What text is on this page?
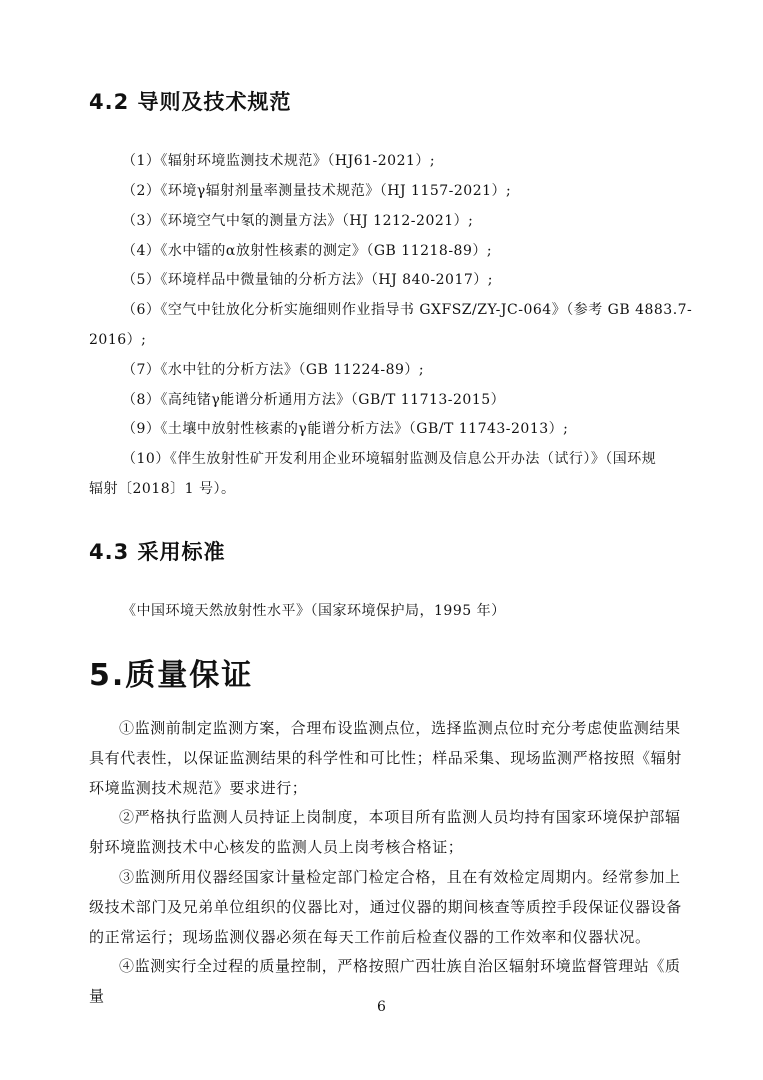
4.2 导则及技术规范
（1）《辐射环境监测技术规范》（HJ61-2021）;
（2）《环境γ辐射剂量率测量技术规范》（HJ 1157-2021）;
（3）《环境空气中氡的测量方法》（HJ 1212-2021）;
（4）《水中镭的α放射性核素的测定》（GB 11218-89）;
（5）《环境样品中微量铀的分析方法》（HJ 840-2017）;
（6）《空气中钍放化分析实施细则作业指导书 GXFSZ/ZY-JC-064》（参考 GB 4883.7-
2016）;
（7）《水中钍的分析方法》（GB 11224-89）;
（8）《高纯锗γ能谱分析通用方法》（GB/T 11713-2015）
（9）《土壤中放射性核素的γ能谱分析方法》（GB/T 11743-2013）;
（10）《伴生放射性矿开发利用企业环境辐射监测及信息公开办法（试行）》（国环规
辐射〔2018〕1 号）。
4.3 采用标准
《中国环境天然放射性水平》（国家环境保护局，1995 年）
5.质量保证
①监测前制定监测方案，合理布设监测点位，选择监测点位时充分考虑使监测结果具有代表性，以保证监测结果的科学性和可比性；样品采集、现场监测严格按照《辐射环境监测技术规范》要求进行；
②严格执行监测人员持证上岗制度，本项目所有监测人员均持有国家环境保护部辐射环境监测技术中心核发的监测人员上岗考核合格证；
③监测所用仪器经国家计量检定部门检定合格，且在有效检定周期内。经常参加上级技术部门及兄弟单位组织的仪器比对，通过仪器的期间核查等质控手段保证仪器设备的正常运行；现场监测仪器必须在每天工作前后检查仪器的工作效率和仪器状况。
④监测实行全过程的质量控制，严格按照广西壮族自治区辐射环境监督管理站《质量
6
